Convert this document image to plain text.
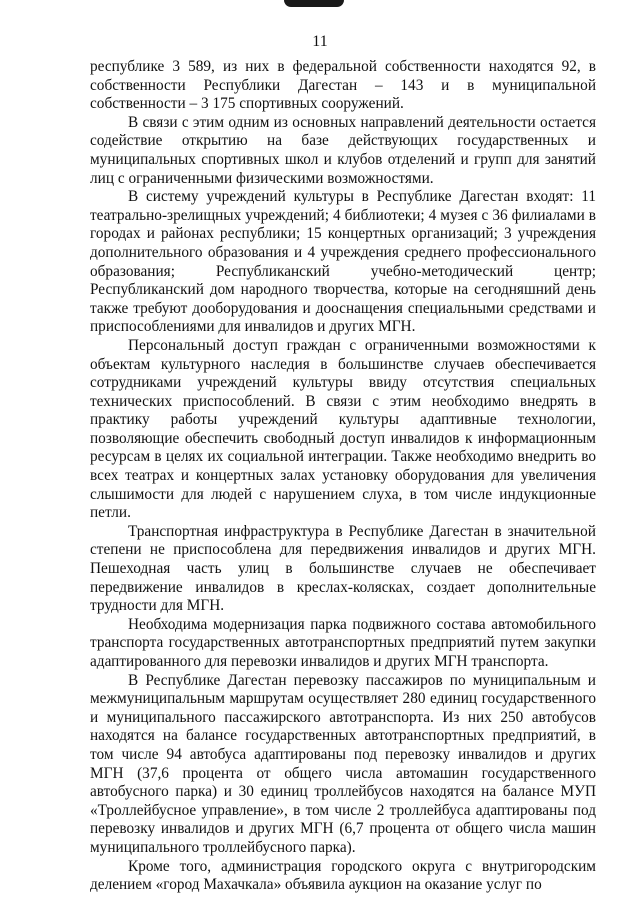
11

республике 3 589, из них в федеральной собственности находятся 92, в собственности Республики Дагестан – 143 и в муниципальной собственности – 3 175 спортивных сооружений.

В связи с этим одним из основных направлений деятельности остается содействие открытию на базе действующих государственных и муниципальных спортивных школ и клубов отделений и групп для занятий лиц с ограниченными физическими возможностями.

В систему учреждений культуры в Республике Дагестан входят: 11 театрально-зрелищных учреждений; 4 библиотеки; 4 музея с 36 филиалами в городах и районах республики; 15 концертных организаций; 3 учреждения дополнительного образования и 4 учреждения среднего профессионального образования; Республиканский учебно-методический центр; Республиканский дом народного творчества, которые на сегодняшний день также требуют дооборудования и дооснащения специальными средствами и приспособлениями для инвалидов и других МГН.

Персональный доступ граждан с ограниченными возможностями к объектам культурного наследия в большинстве случаев обеспечивается сотрудниками учреждений культуры ввиду отсутствия специальных технических приспособлений. В связи с этим необходимо внедрять в практику работы учреждений культуры адаптивные технологии, позволяющие обеспечить свободный доступ инвалидов к информационным ресурсам в целях их социальной интеграции. Также необходимо внедрить во всех театрах и концертных залах установку оборудования для увеличения слышимости для людей с нарушением слуха, в том числе индукционные петли.

Транспортная инфраструктура в Республике Дагестан в значительной степени не приспособлена для передвижения инвалидов и других МГН. Пешеходная часть улиц в большинстве случаев не обеспечивает передвижение инвалидов в креслах-колясках, создает дополнительные трудности для МГН.

Необходима модернизация парка подвижного состава автомобильного транспорта государственных автотранспортных предприятий путем закупки адаптированного для перевозки инвалидов и других МГН транспорта.

В Республике Дагестан перевозку пассажиров по муниципальным и межмуниципальным маршрутам осуществляет 280 единиц государственного и муниципального пассажирского автотранспорта. Из них 250 автобусов находятся на балансе государственных автотранспортных предприятий, в том числе 94 автобуса адаптированы под перевозку инвалидов и других МГН (37,6 процента от общего числа автомашин государственного автобусного парка) и 30 единиц троллейбусов находятся на балансе МУП «Троллейбусное управление», в том числе 2 троллейбуса адаптированы под перевозку инвалидов и других МГН (6,7 процента от общего числа машин муниципального троллейбусного парка).

Кроме того, администрация городского округа с внутригородским делением «город Махачкала» объявила аукцион на оказание услуг по
